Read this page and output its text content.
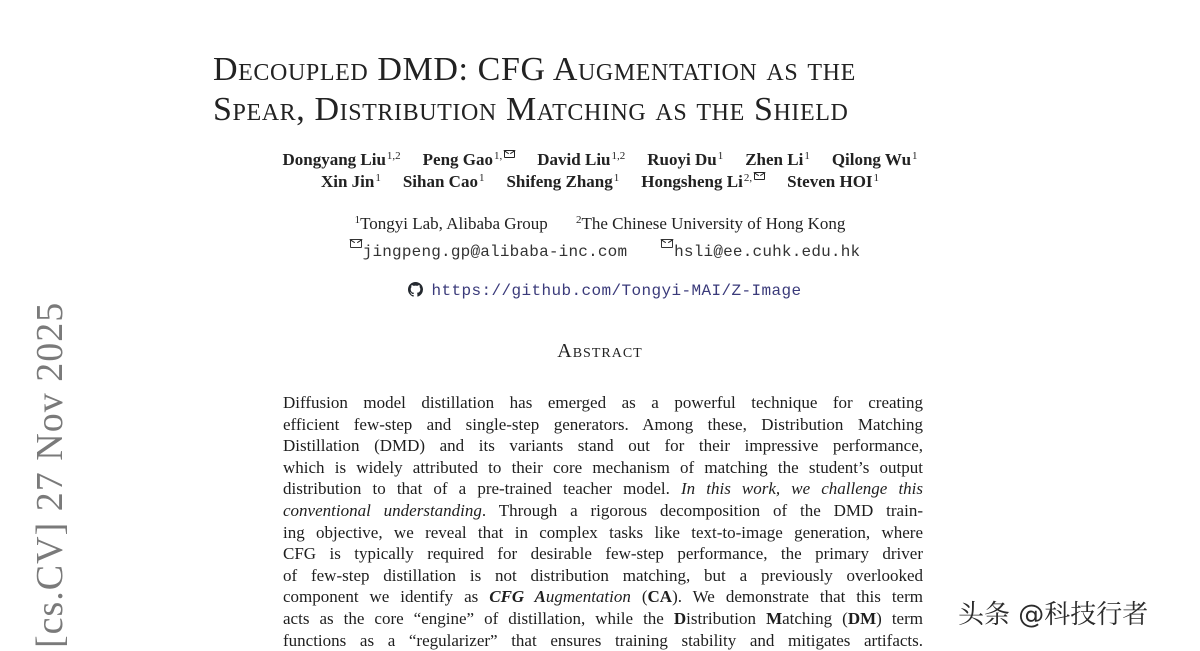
Decoupled DMD: CFG Augmentation as the
Spear, Distribution Matching as the Shield
Dongyang Liu$^{1,2}$ Peng Gao$^{1,}$ David Liu$^{1,2}$ Ruoyi Du$^1$ Zhen Li$^1$ Qilong Wu$^1$
Xin Jin$^1$ Sihan Cao$^1$ Shifeng Zhang$^1$ Hongsheng $Li^{2,}$ Steven HOI$^1$
$^1$Tongyi Lab, Alibaba Group	$^2$The Chinese University of Hong Kong
jingpeng.gp@alibaba-inc.com	hsli@ee.cuhk.edu.hk
https://github.com/Tongyi-MAI/Z-Image
Abstract
Diffusion model distillation has emerged as a powerful technique for creating
efficient few-step and single-step generators. Among these, Distribution Matching
Distillation (DMD) and its variants stand out for their impressive performance,
which is widely attributed to their core mechanism of matching the student’s output
distribution to that of a pre-trained teacher model. In this work, we challenge this
conventional understanding. Through a rigorous decomposition of the DMD train-
ing objective, we reveal that in complex tasks like text-to-image generation, where
CFG is typically required for desirable few-step performance, the primary driver
of few-step distillation is not distribution matching, but a previously overlooked
component we identify as CFG Augmentation (CA). We demonstrate that this term
acts as the core “engine” of distillation, while the Distribution Matching (DM) term
functions as a “regularizer” that ensures training stability and mitigates artifacts.
[cs.CV] 27 Nov 2025	头条 @科技行者
